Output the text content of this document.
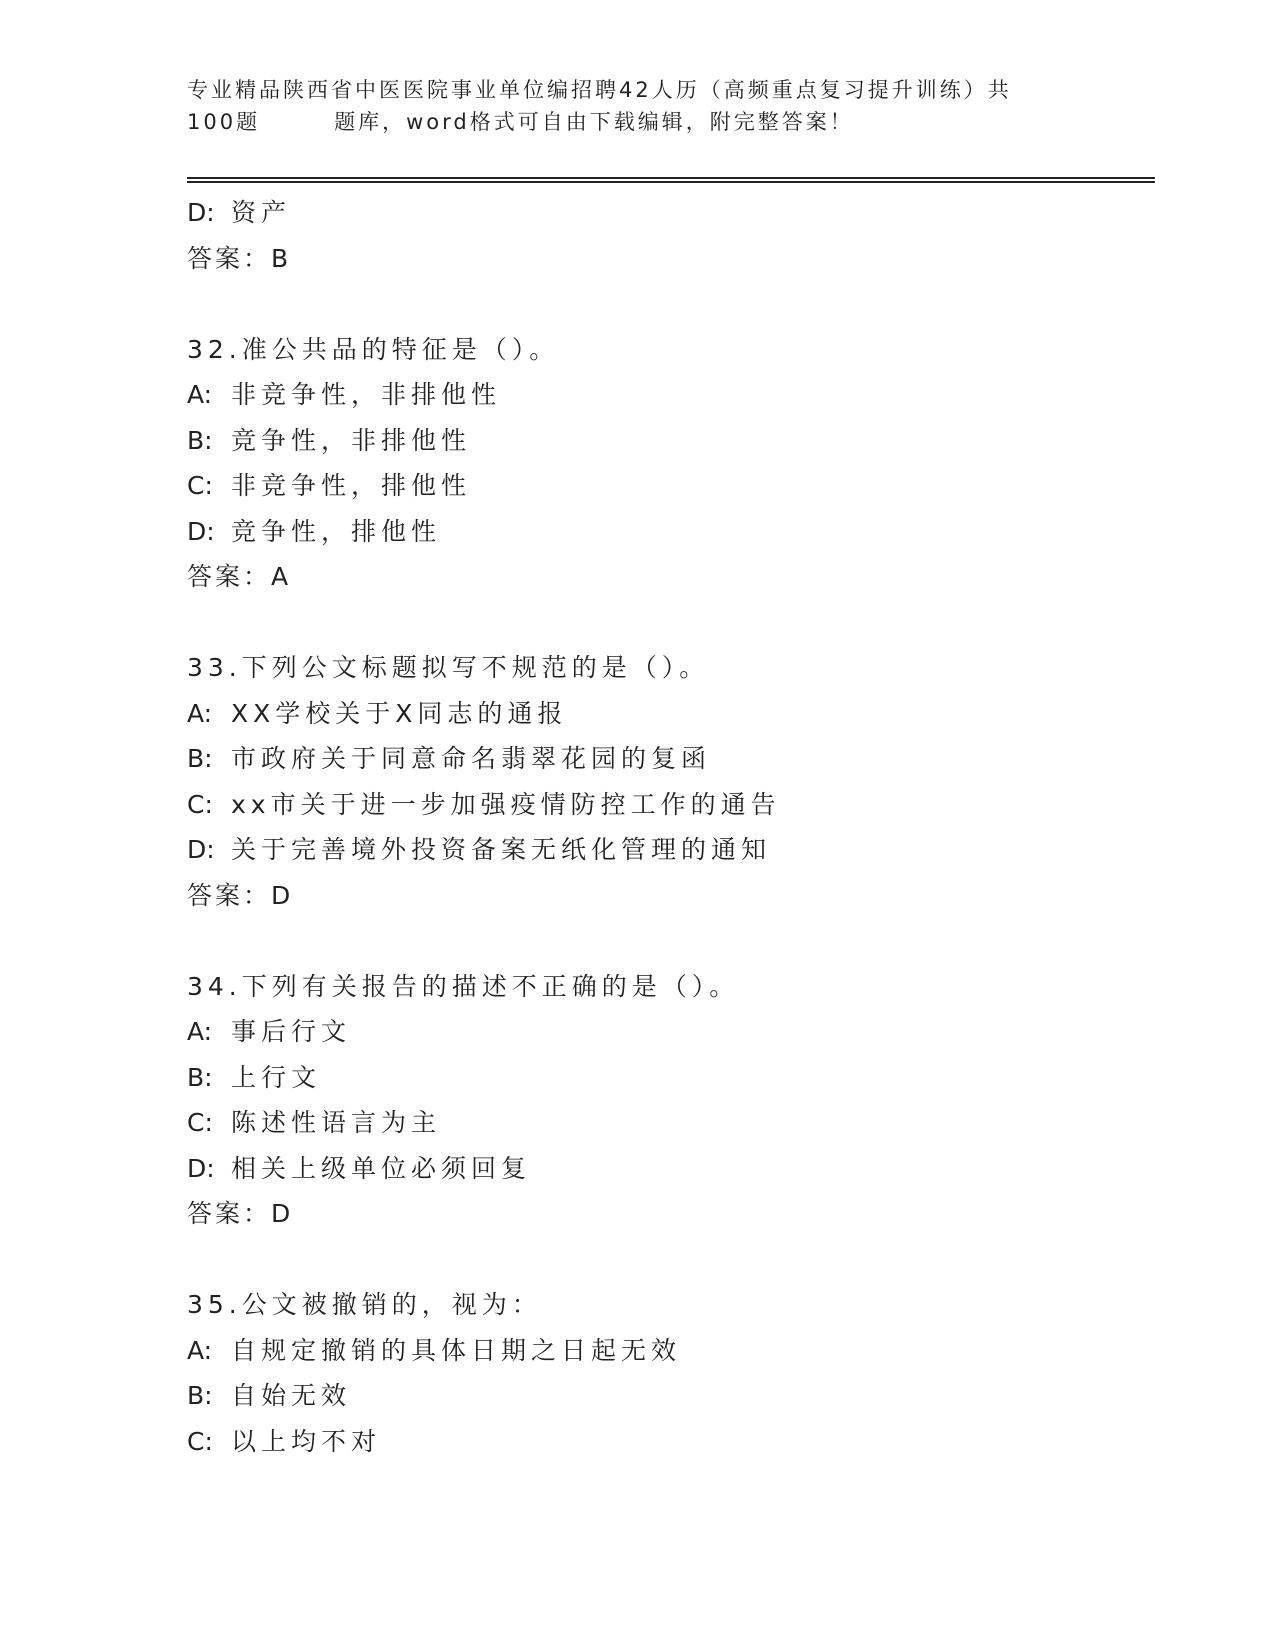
专业精品陕西省中医医院事业单位编招聘42人历（高频重点复习提升训练）共
100题	题库，word格式可自由下载编辑，附完整答案！
D: 资产
答案：B
32.准公共品的特征是（）。
A: 非竞争性，非排他性
B: 竞争性，非排他性
C: 非竞争性，排他性
D: 竞争性，排他性
答案：A
33.下列公文标题拟写不规范的是（）。
A: XX学校关于X同志的通报
B: 市政府关于同意命名翡翠花园的复函
C: xx市关于进一步加强疫情防控工作的通告
D: 关于完善境外投资备案无纸化管理的通知
答案：D
34.下列有关报告的描述不正确的是（）。
A: 事后行文
B: 上行文
C: 陈述性语言为主
D: 相关上级单位必须回复
答案：D
35.公文被撤销的，视为：
A: 自规定撤销的具体日期之日起无效
B: 自始无效
C: 以上均不对
